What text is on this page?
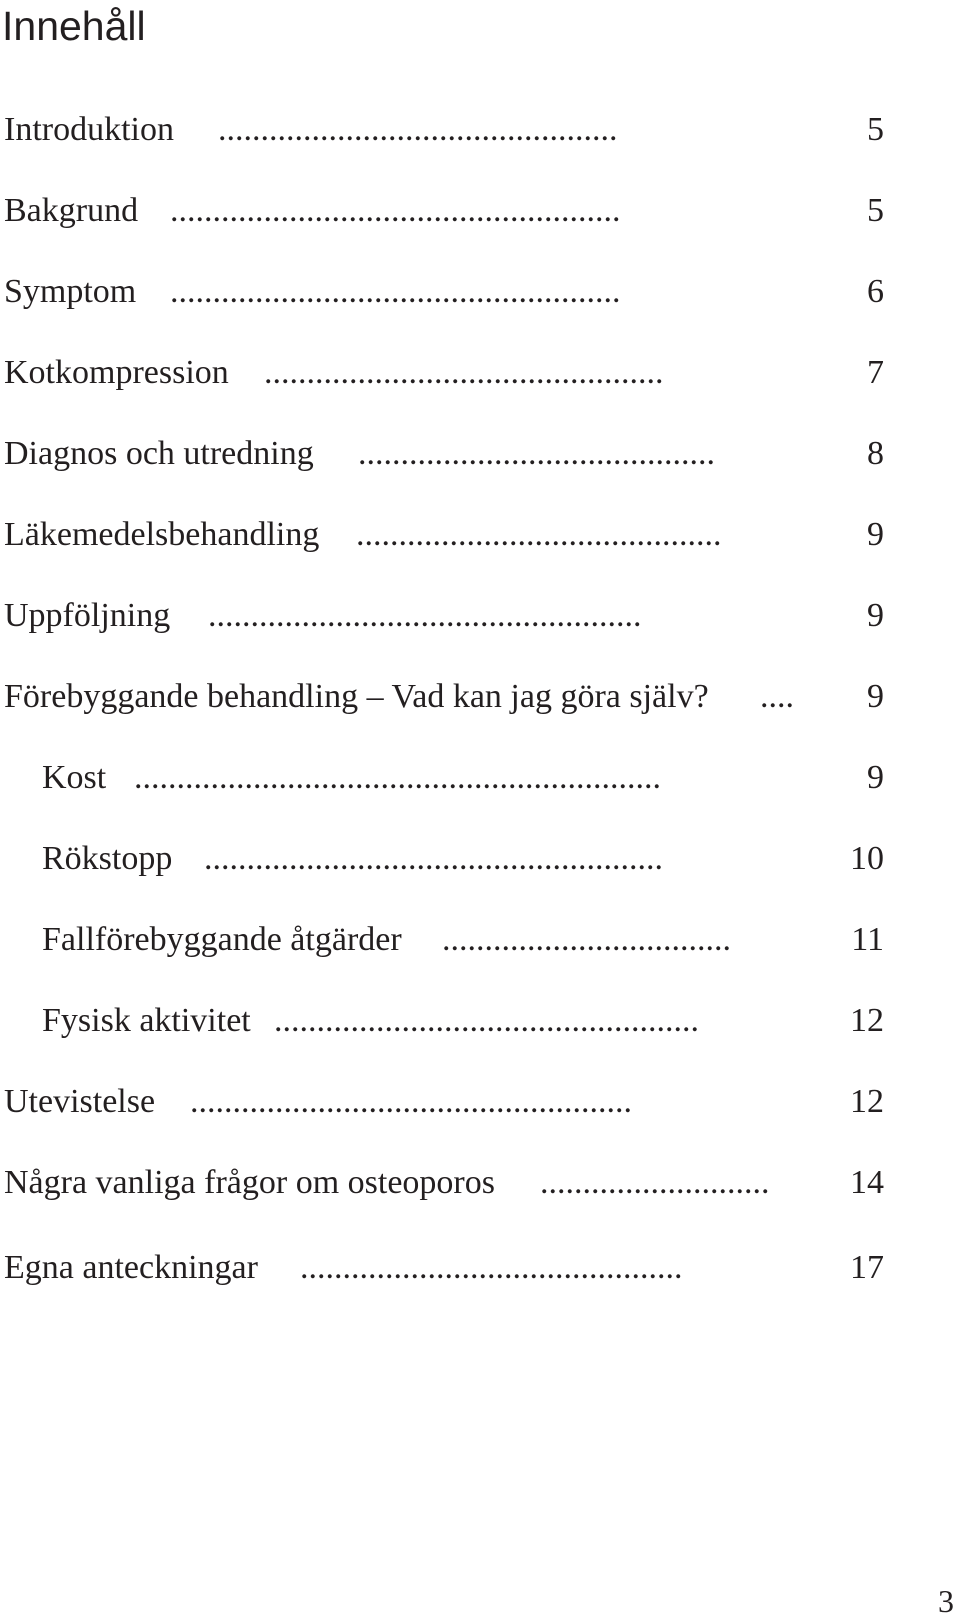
Innehåll
Introduktion ...............................................	5
Bakgrund .....................................................	5
Symptom .....................................................	6
Kotkompression ...............................................	7
Diagnos och utredning ..........................................	8
Läkemedelsbehandling ...........................................	9
Uppföljning ...................................................	9
Förebyggande behandling – Vad kan jag göra själv? .... 9
Kost ..............................................................	9
Rökstopp ......................................................	10
Fallförebyggande åtgärder ..................................	11
Fysisk aktivitet ..................................................	12
Utevistelse ....................................................	12
Några vanliga frågor om osteoporos ...........................	14
Egna anteckningar .............................................	17

3
